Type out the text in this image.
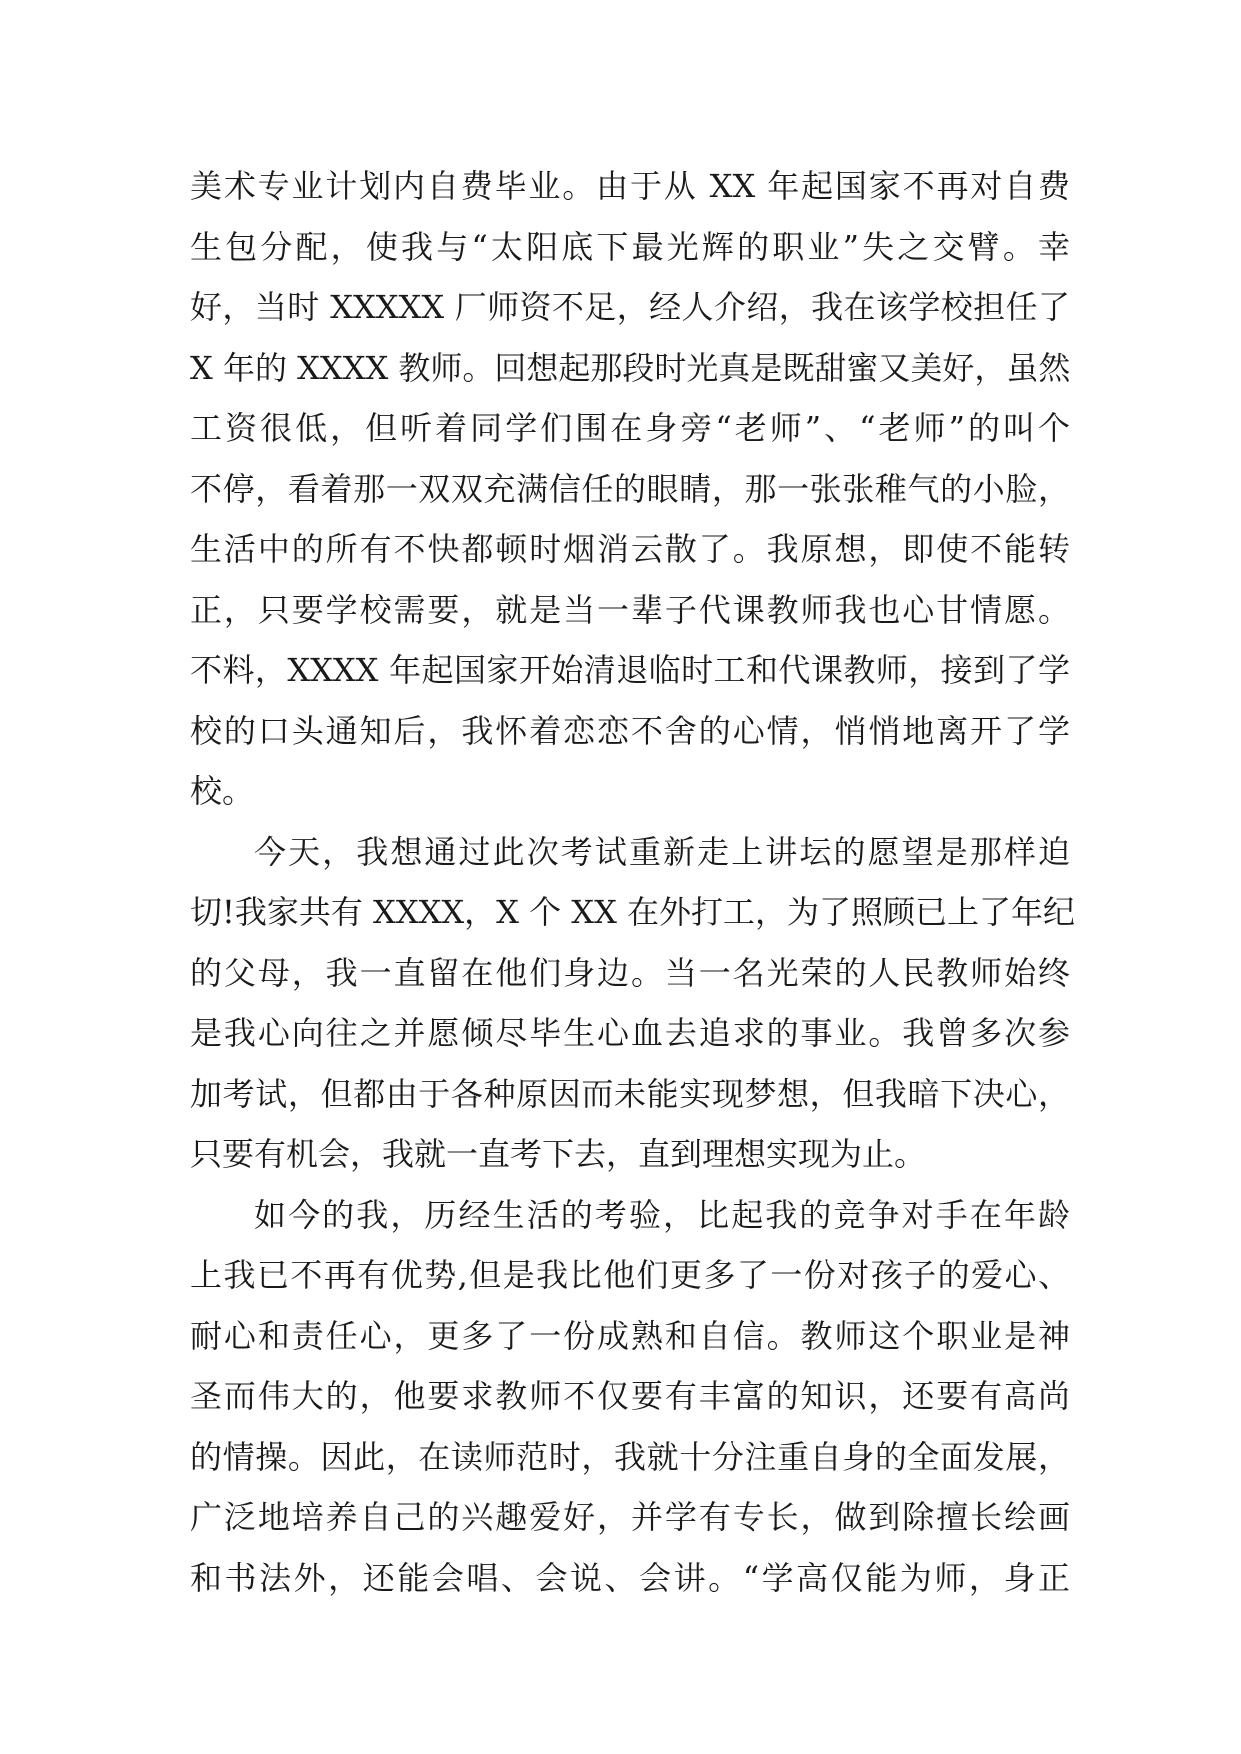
美术专业计划内自费毕业。由于从 XX 年起国家不再对自费
生包分配，使我与“太阳底下最光辉的职业”失之交臂。幸
好，当时 XXXXX 厂师资不足，经人介绍，我在该学校担任了
X 年的 XXXX 教师。回想起那段时光真是既甜蜜又美好，虽然
工资很低，但听着同学们围在身旁“老师”、“老师”的叫个
不停，看着那一双双充满信任的眼睛，那一张张稚气的小脸，
生活中的所有不快都顿时烟消云散了。我原想，即使不能转
正，只要学校需要，就是当一辈子代课教师我也心甘情愿。
不料，XXXX 年起国家开始清退临时工和代课教师，接到了学
校的口头通知后，我怀着恋恋不舍的心情，悄悄地离开了学
校。
今天，我想通过此次考试重新走上讲坛的愿望是那样迫
切!我家共有 XXXX，X 个 XX 在外打工，为了照顾已上了年纪
的父母，我一直留在他们身边。当一名光荣的人民教师始终
是我心向往之并愿倾尽毕生心血去追求的事业。我曾多次参
加考试，但都由于各种原因而未能实现梦想，但我暗下决心，
只要有机会，我就一直考下去，直到理想实现为止。
如今的我，历经生活的考验，比起我的竞争对手在年龄
上我已不再有优势,但是我比他们更多了一份对孩子的爱心、
耐心和责任心，更多了一份成熟和自信。教师这个职业是神
圣而伟大的，他要求教师不仅要有丰富的知识，还要有高尚
的情操。因此，在读师范时，我就十分注重自身的全面发展，
广泛地培养自己的兴趣爱好，并学有专长，做到除擅长绘画
和书法外，还能会唱、会说、会讲。“学高仅能为师，身正
